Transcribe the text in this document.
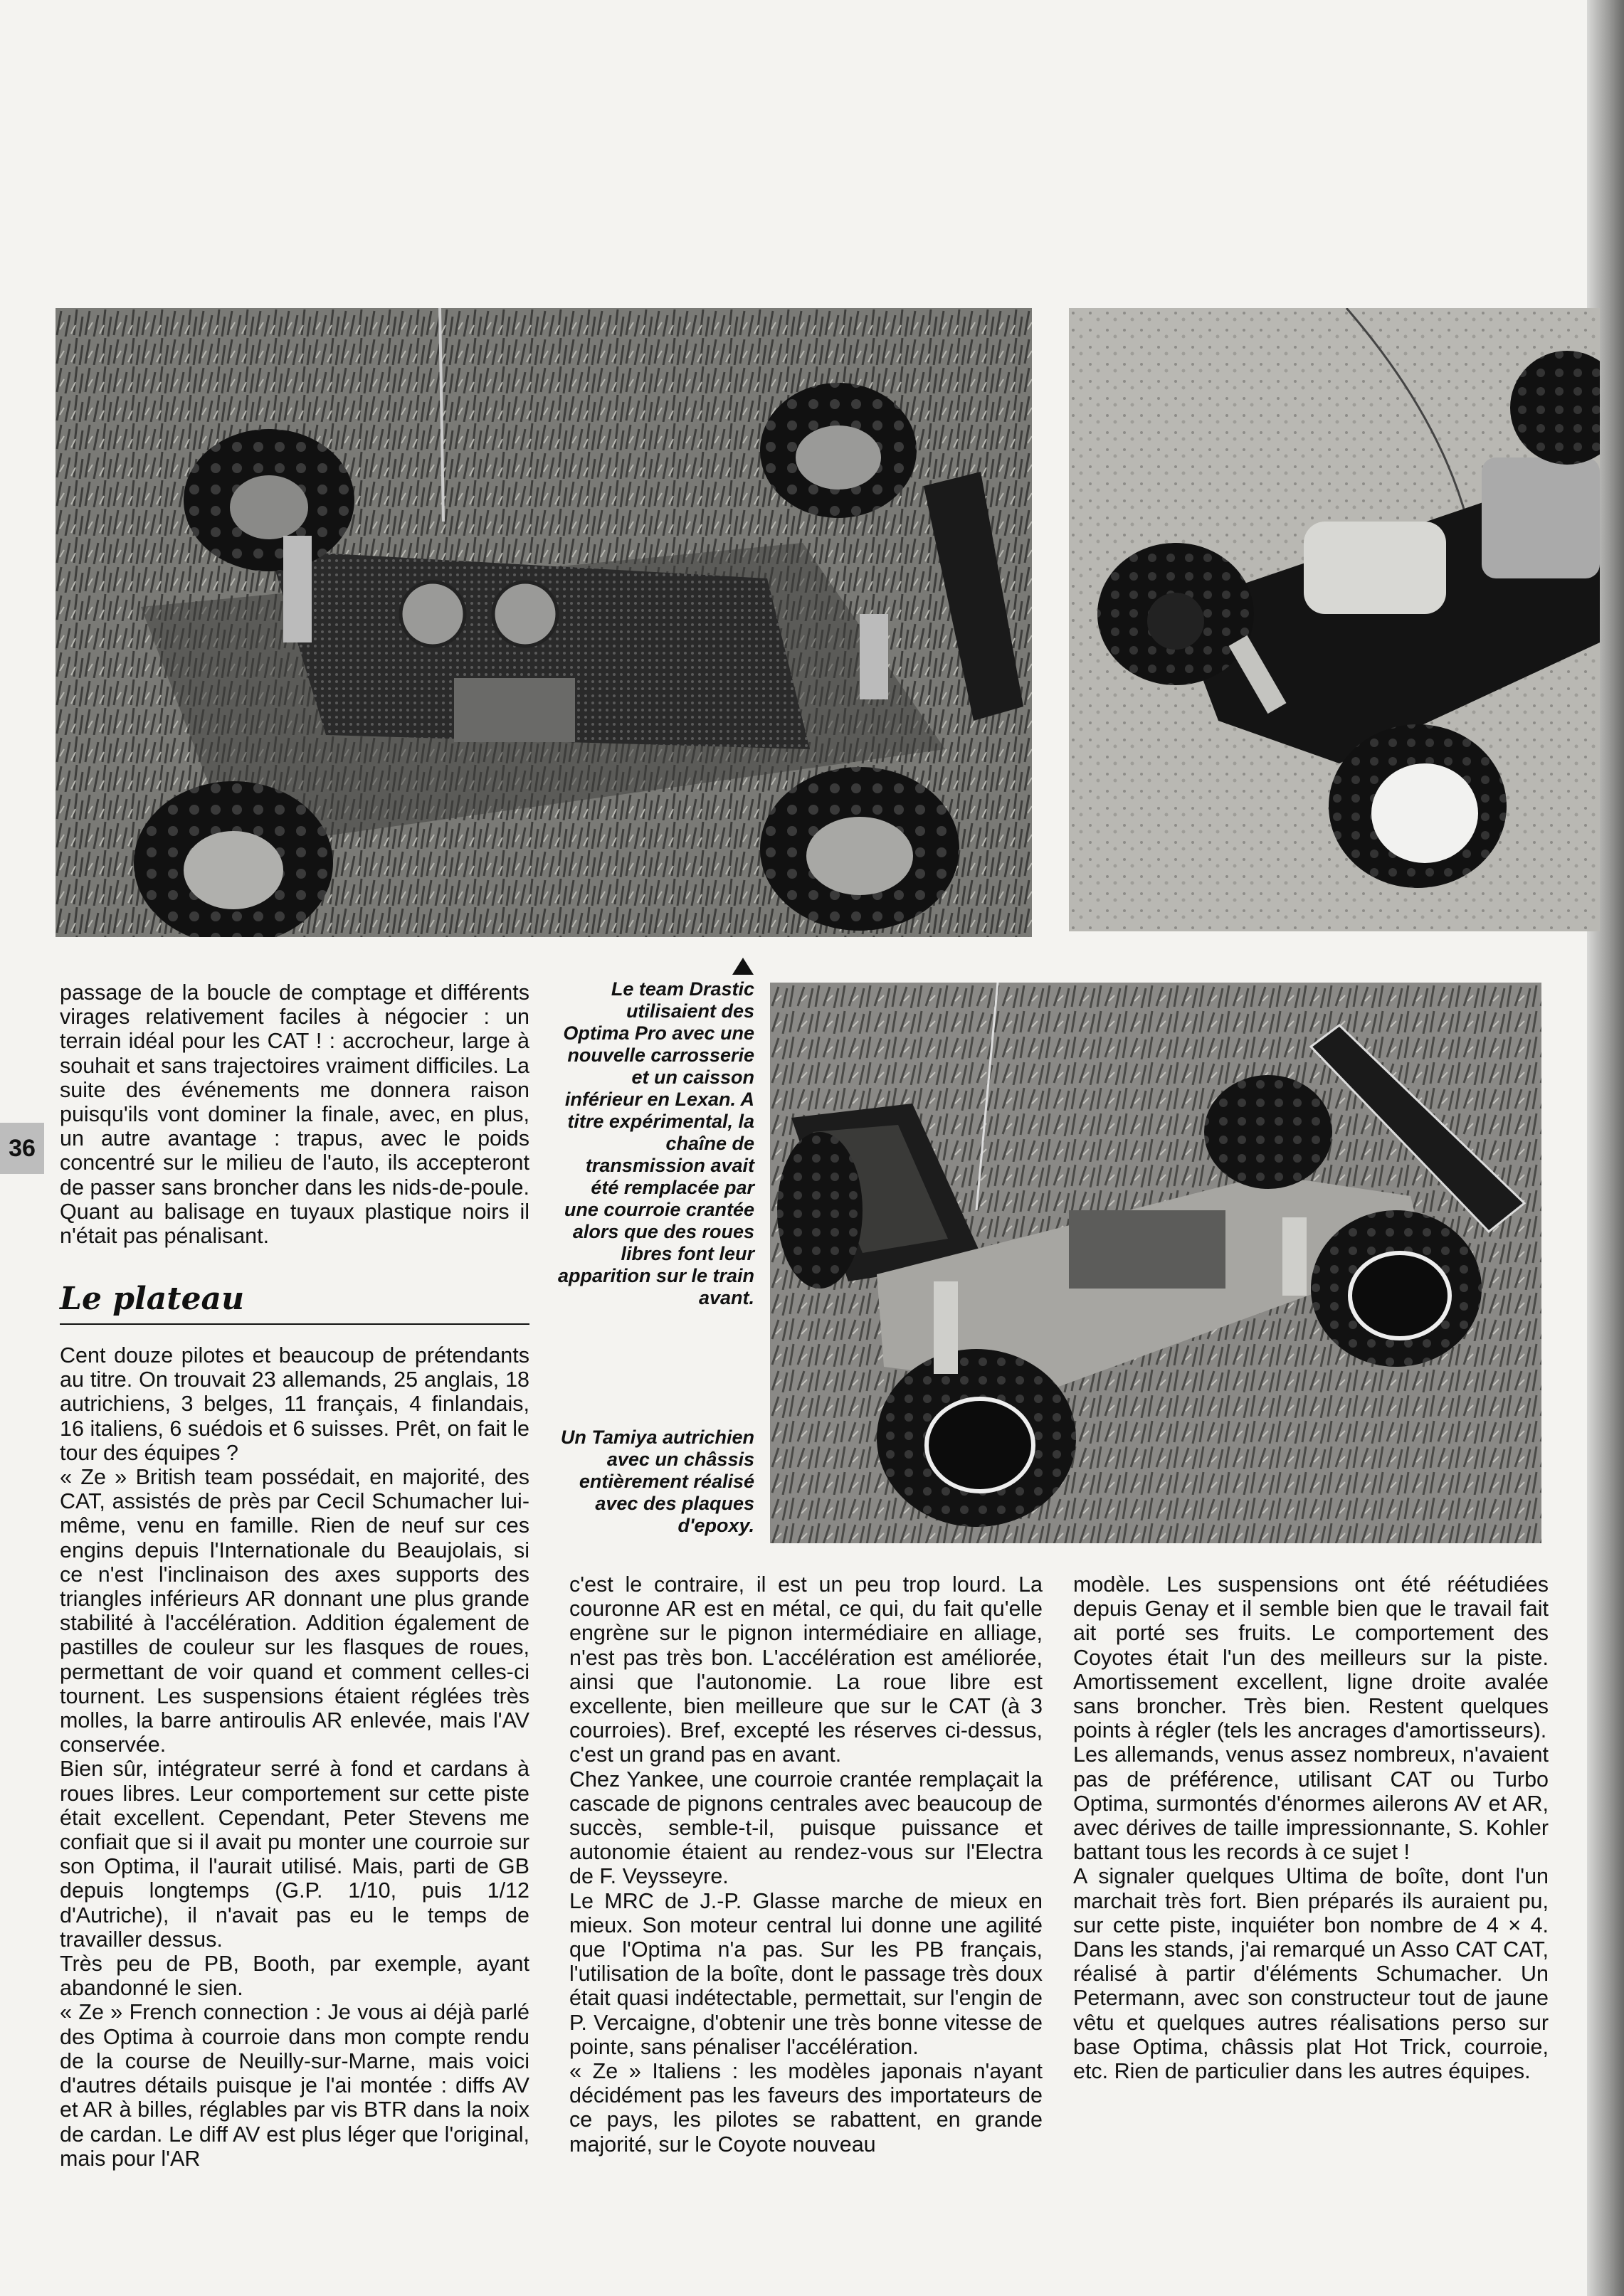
Le team Drastic utilisaient des Optima Pro avec une nouvelle carrosserie et un caisson inférieur en Lexan. A titre expérimental, la chaîne de transmission avait été remplacée par une courroie crantée alors que des roues libres font leur apparition sur le train avant.

Un Tamiya autrichien avec un châssis entièrement réalisé avec des plaques d'epoxy.

36

passage de la boucle de comptage et différents virages relativement faciles à négocier : un terrain idéal pour les CAT ! : accrocheur, large à souhait et sans trajectoires vraiment difficiles. La suite des événements me donnera raison puisqu'ils vont dominer la finale, avec, en plus, un autre avantage : trapus, avec le poids concentré sur le milieu de l'auto, ils accepteront de passer sans broncher dans les nids-de-poule. Quant au balisage en tuyaux plastique noirs il n'était pas pénalisant.

Le plateau

Cent douze pilotes et beaucoup de prétendants au titre. On trouvait 23 allemands, 25 anglais, 18 autrichiens, 3 belges, 11 français, 4 finlandais, 16 italiens, 6 suédois et 6 suisses. Prêt, on fait le tour des équipes ?

« Ze » British team possédait, en majorité, des CAT, assistés de près par Cecil Schumacher lui-même, venu en famille. Rien de neuf sur ces engins depuis l'Internationale du Beaujolais, si ce n'est l'inclinaison des axes supports des triangles inférieurs AR donnant une plus grande stabilité à l'accélération. Addition également de pastilles de couleur sur les flasques de roues, permettant de voir quand et comment celles-ci tournent. Les suspensions étaient réglées très molles, la barre antiroulis AR enlevée, mais l'AV conservée.

Bien sûr, intégrateur serré à fond et cardans à roues libres. Leur comportement sur cette piste était excellent. Cependant, Peter Stevens me confiait que si il avait pu monter une courroie sur son Optima, il l'aurait utilisé. Mais, parti de GB depuis longtemps (G.P. 1/10, puis 1/12 d'Autriche), il n'avait pas eu le temps de travailler dessus.

Très peu de PB, Booth, par exemple, ayant abandonné le sien.

« Ze » French connection : Je vous ai déjà parlé des Optima à courroie dans mon compte rendu de la course de Neuilly-sur-Marne, mais voici d'autres détails puisque je l'ai montée : diffs AV et AR à billes, réglables par vis BTR dans la noix de cardan. Le diff AV est plus léger que l'original, mais pour l'AR

c'est le contraire, il est un peu trop lourd. La couronne AR est en métal, ce qui, du fait qu'elle engrène sur le pignon intermédiaire en alliage, n'est pas très bon. L'accélération est améliorée, ainsi que l'autonomie. La roue libre est excellente, bien meilleure que sur le CAT (à 3 courroies). Bref, excepté les réserves ci-dessus, c'est un grand pas en avant.

Chez Yankee, une courroie crantée remplaçait la cascade de pignons centrales avec beaucoup de succès, semble-t-il, puisque puissance et autonomie étaient au rendez-vous sur l'Electra de F. Veysseyre.

Le MRC de J.-P. Glasse marche de mieux en mieux. Son moteur central lui donne une agilité que l'Optima n'a pas. Sur les PB français, l'utilisation de la boîte, dont le passage très doux était quasi indétectable, permettait, sur l'engin de P. Vercaigne, d'obtenir une très bonne vitesse de pointe, sans pénaliser l'accélération.

« Ze » Italiens : les modèles japonais n'ayant décidément pas les faveurs des importateurs de ce pays, les pilotes se rabattent, en grande majorité, sur le Coyote nouveau

modèle. Les suspensions ont été réétudiées depuis Genay et il semble bien que le travail fait ait porté ses fruits. Le comportement des Coyotes était l'un des meilleurs sur la piste. Amortissement excellent, ligne droite avalée sans broncher. Très bien. Restent quelques points à régler (tels les ancrages d'amortisseurs).

Les allemands, venus assez nombreux, n'avaient pas de préférence, utilisant CAT ou Turbo Optima, surmontés d'énormes ailerons AV et AR, avec dérives de taille impressionnante, S. Kohler battant tous les records à ce sujet !

A signaler quelques Ultima de boîte, dont l'un marchait très fort. Bien préparés ils auraient pu, sur cette piste, inquiéter bon nombre de 4 × 4. Dans les stands, j'ai remarqué un Asso CAT CAT, réalisé à partir d'éléments Schumacher. Un Petermann, avec son constructeur tout de jaune vêtu et quelques autres réalisations perso sur base Optima, châssis plat Hot Trick, courroie, etc. Rien de particulier dans les autres équipes.
